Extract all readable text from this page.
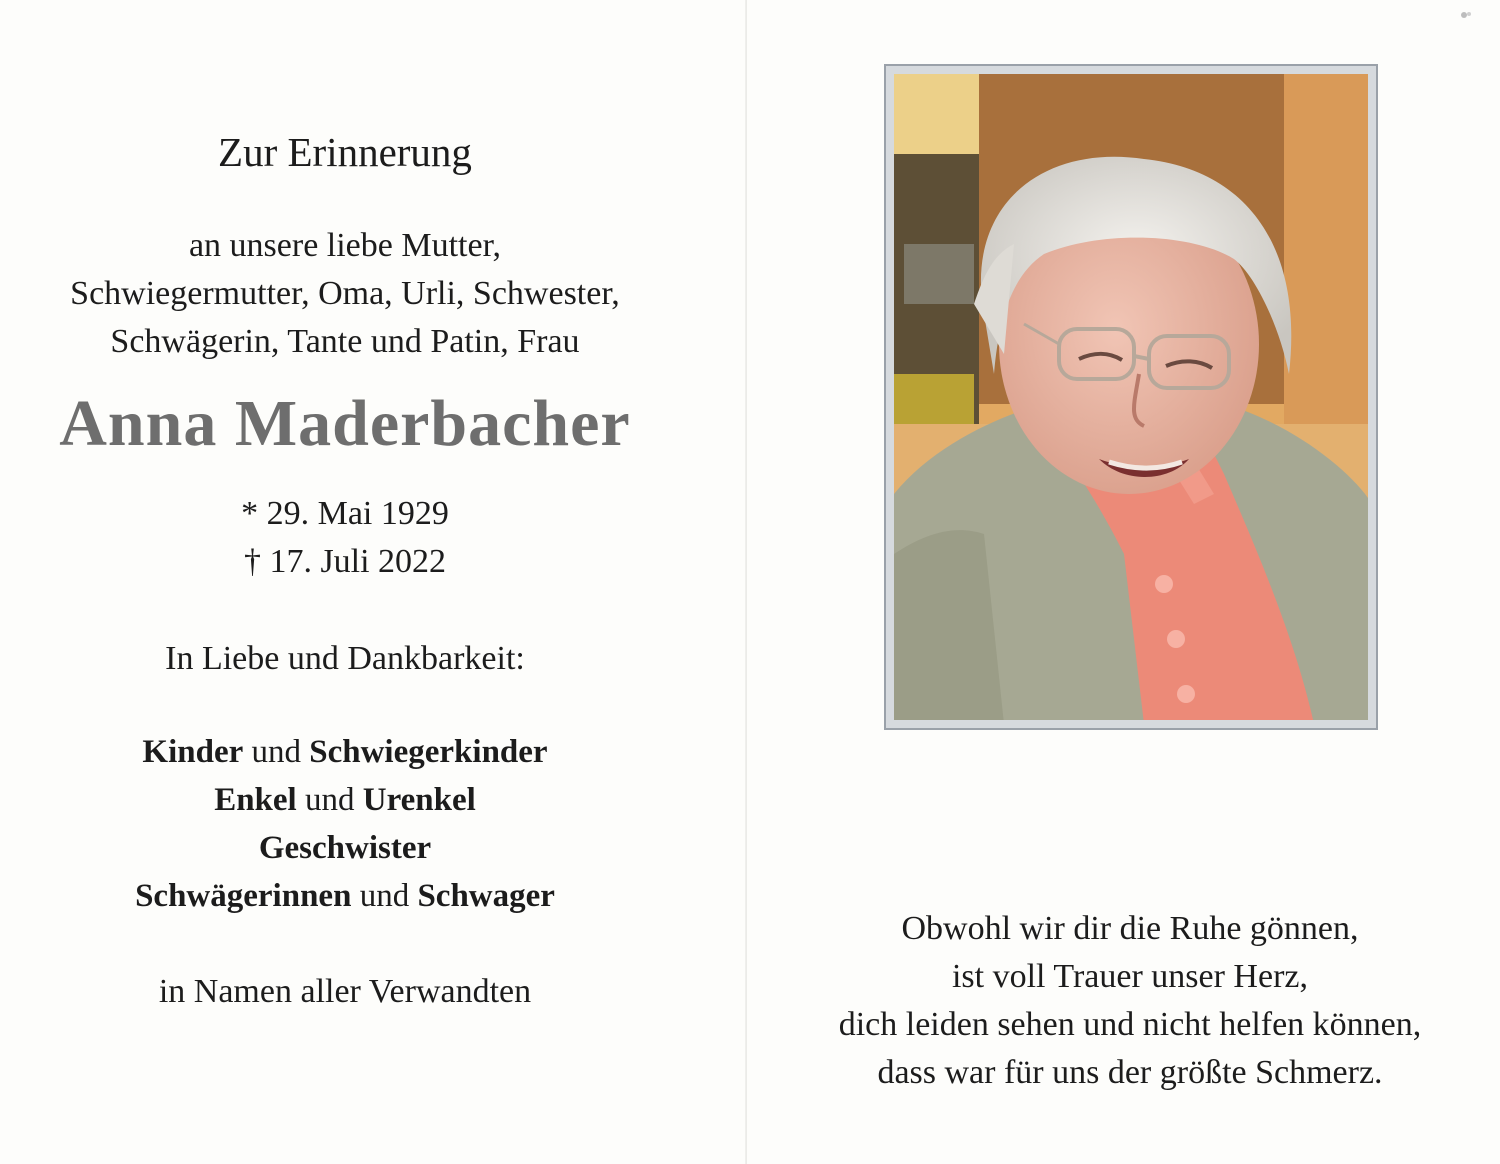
Zur Erinnerung
an unsere liebe Mutter,
Schwiegermutter, Oma, Urli, Schwester,
Schwägerin, Tante und Patin, Frau
Anna Maderbacher
* 29. Mai 1929
† 17. Juli 2022
In Liebe und Dankbarkeit:
Kinder und Schwiegerkinder
Enkel und Urenkel
Geschwister
Schwägerinnen und Schwager
in Namen aller Verwandten
Obwohl wir dir die Ruhe gönnen,
ist voll Trauer unser Herz,
dich leiden sehen und nicht helfen können,
dass war für uns der größte Schmerz.
